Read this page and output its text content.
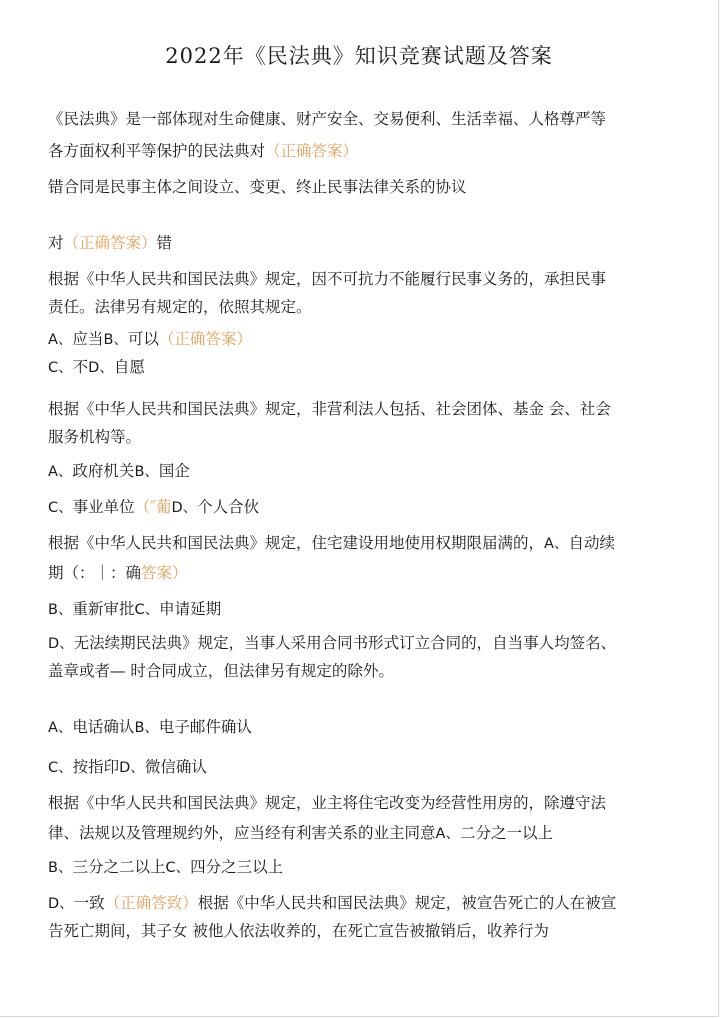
2022年《民法典》知识竞赛试题及答案
《民法典》是一部体现对生命健康、财产安全、交易便利、生活幸福、人格尊严等
各方面权利平等保护的民法典对（正确答案）
错合同是民事主体之间设立、变更、终止民事法律关系的协议
对（正确答案）错
根据《中华人民共和国民法典》规定，因不可抗力不能履行民事义务的，承担民事
责任。法律另有规定的，依照其规定。
A、应当B、可以（正确答案）
C、不D、自愿
根据《中华人民共和国民法典》规定，非营利法人包括、社会团体、基金 会、社会
服务机构等。
A、政府机关B、国企
C、事业单位（″葡D、个人合伙
根据《中华人民共和国民法典》规定，住宅建设用地使用权期限届满的，A、自动续
期（：｜：确答案）
B、重新审批C、申请延期
D、无法续期民法典》规定，当事人采用合同书形式订立合同的，自当事人均签名、
盖章或者— 时合同成立，但法律另有规定的除外。
A、电话确认B、电子邮件确认
C、按指印D、微信确认
根据《中华人民共和国民法典》规定，业主将住宅改变为经营性用房的，除遵守法
律、法规以及管理规约外，应当经有利害关系的业主同意A、二分之一以上
B、三分之二以上C、四分之三以上
D、一致（正确答致）根据《中华人民共和国民法典》规定，被宣告死亡的人在被宣
告死亡期间，其子女 被他人依法收养的，在死亡宣告被撤销后，收养行为
